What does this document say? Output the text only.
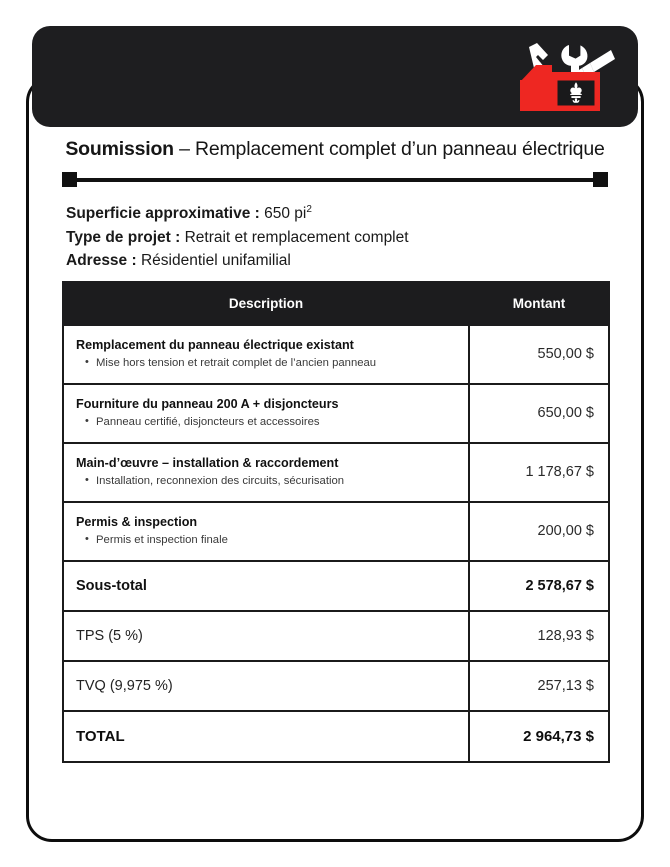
Soumission – Remplacement complet d’un panneau électrique
Superficie approximative : 650 $pi^2$
Type de projet : Retrait et remplacement complet
Adresse : Résidentiel unifamilial
Description	Montant

Remplacement du panneau électrique existant
• Mise hors tension et retrait complet de l’ancien panneau
	550,00 $

Fourniture du panneau 200 A + disjoncteurs
• Panneau certifié, disjoncteurs et accessoires
	650,00 $

Main-d’œuvre – installation & raccordement
• Installation, reconnexion des circuits, sécurisation
	1 178,67 $

Permis & inspection
• Permis et inspection finale
	200,00 $
Sous-total	2 578,67 $
TPS (5 %)	128,93 $
TVQ (9,975 %)	257,13 $
TOTAL	2 964,73 $
